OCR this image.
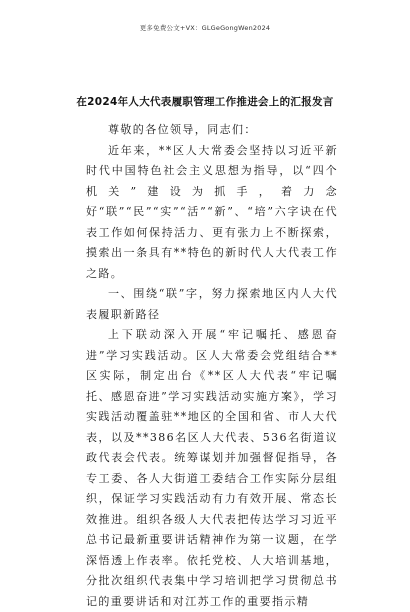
更多免费公文+VX：GLGeGongWen2024
在2024年人大代表履职管理工作推进会上的汇报发言

尊敬的各位领导，同志们：

近年来，**区人大常委会坚持以习近平新时代中国特色社会主义思想为指导，以“四个机关”建设为抓手，着力念好“联”“民”“实”“活”“新”、“培”六字诀在代表工作如何保持活力、更有张力上不断探索，摸索出一条具有**特色的新时代人大代表工作之路。

一、围绕“联”字，努力探索地区内人大代表履职新路径

上下联动深入开展“牢记嘱托、感恩奋进”学习实践活动。区人大常委会党组结合**区实际，制定出台《**区人大代表“牢记嘱托、感恩奋进”学习实践活动实施方案》，学习实践活动覆盖驻**地区的全国和省、市人大代表，以及**386名区人大代表、536名街道议政代表会代表。统筹谋划并加强督促指导，各专工委、各人大街道工委结合工作实际分层组织，保证学习实践活动有力有效开展、常态长效推进。组织各级人大代表把传达学习习近平总书记最新重要讲话精神作为第一议题，在学深悟透上作表率。依托党校、人大培训基地，分批次组织代表集中学习培训把学习贯彻总书记的重要讲话和对江苏工作的重要指示精
